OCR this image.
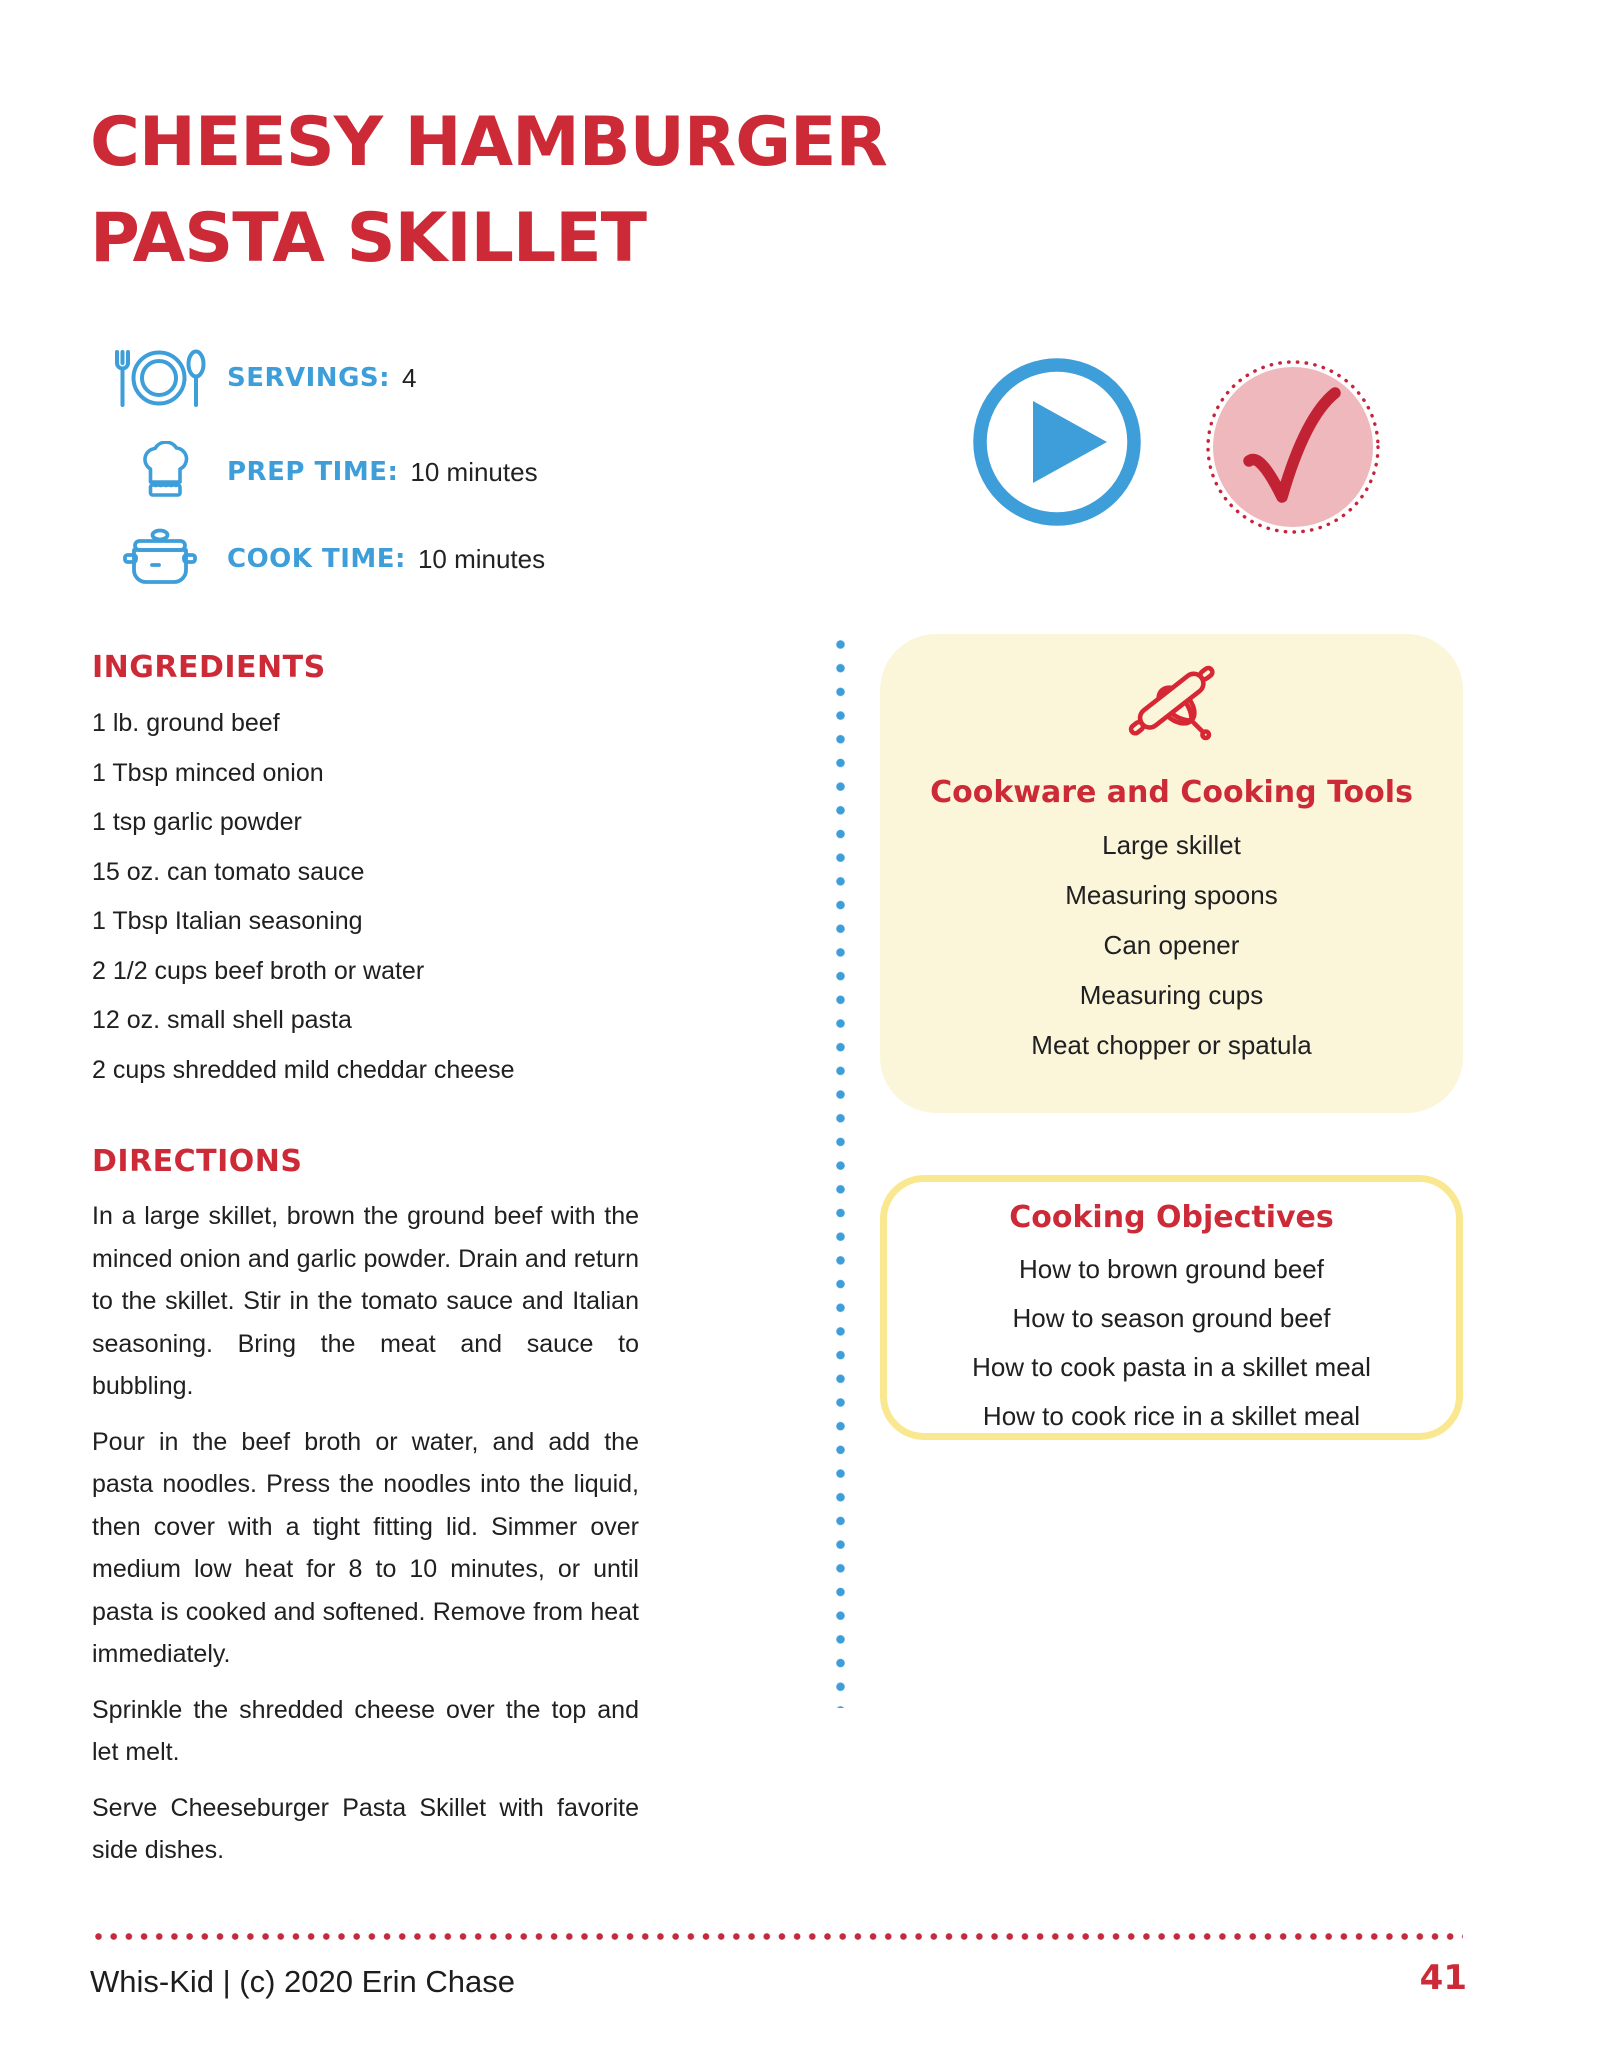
CHEESY HAMBURGER
PASTA SKILLET
SERVINGS: 4
PREP TIME: 10 minutes
COOK TIME: 10 minutes
INGREDIENTS
1 lb. ground beef
1 Tbsp minced onion
1 tsp garlic powder
15 oz. can tomato sauce
1 Tbsp Italian seasoning
2 1/2 cups beef broth or water
12 oz. small shell pasta
2 cups shredded mild cheddar cheese
DIRECTIONS
In a large skillet, brown the ground beef with the minced onion and garlic powder. Drain and return to the skillet. Stir in the tomato sauce and Italian seasoning. Bring the meat and sauce to bubbling.
Pour in the beef broth or water, and add the pasta noodles. Press the noodles into the liquid, then cover with a tight fitting lid. Simmer over medium low heat for 8 to 10 minutes, or until pasta is cooked and softened. Remove from heat immediately.
Sprinkle the shredded cheese over the top and let melt.
Serve Cheeseburger Pasta Skillet with favorite side dishes.
Cookware and Cooking Tools
Large skillet
Measuring spoons
Can opener
Measuring cups
Meat chopper or spatula
Cooking Objectives
How to brown ground beef
How to season ground beef
How to cook pasta in a skillet meal
How to cook rice in a skillet meal
Whis-Kid | (c) 2020 Erin Chase	41
